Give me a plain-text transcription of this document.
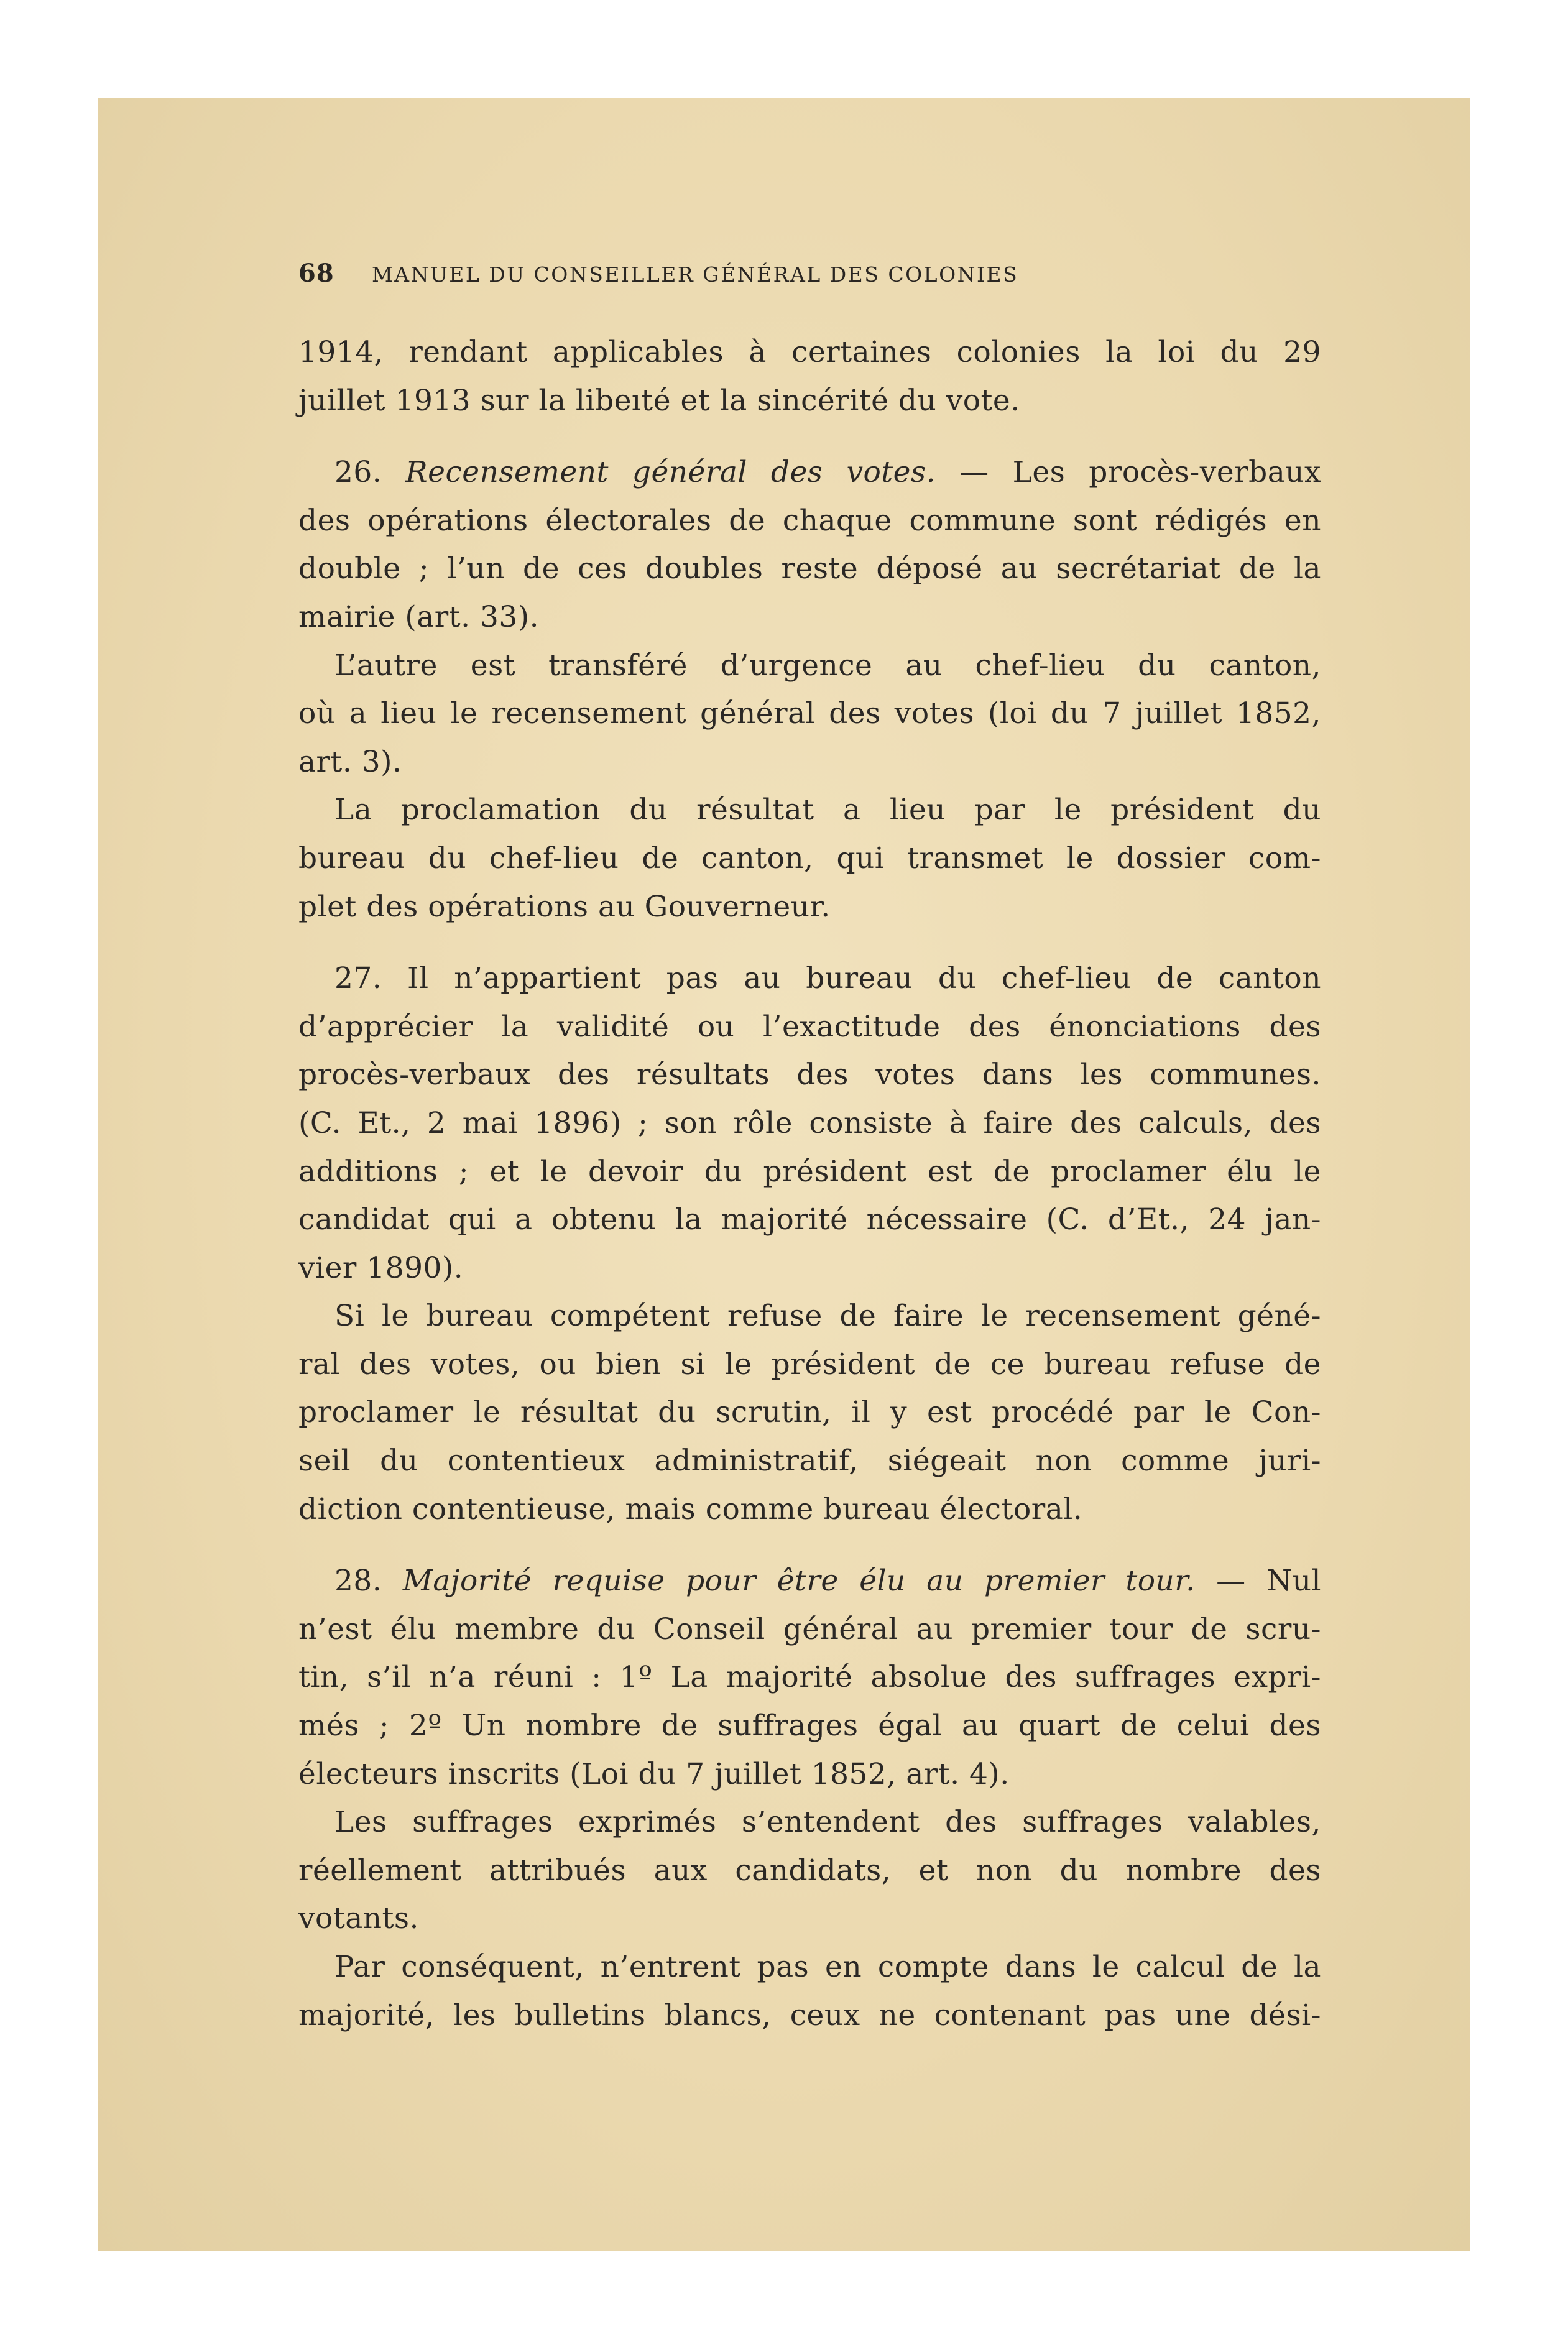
68 MANUEL DU CONSEILLER GÉNÉRAL DES COLONIES
1914, rendant applicables à certaines colonies la loi du 29
juillet 1913 sur la libeıté et la sincérité du vote.
26. Recensement général des votes. — Les procès-verbaux
des opérations électorales de chaque commune sont rédigés en
double ; l’un de ces doubles reste déposé au secrétariat de la
mairie (art. 33).
L’autre est transféré d’urgence au chef-lieu du canton,
où a lieu le recensement général des votes (loi du 7 juillet 1852,
art. 3).
La proclamation du résultat a lieu par le président du
bureau du chef-lieu de canton, qui transmet le dossier com-
plet des opérations au Gouverneur.
27. Il n’appartient pas au bureau du chef-lieu de canton
d’apprécier la validité ou l’exactitude des énonciations des
procès-verbaux des résultats des votes dans les communes.
(C. Et., 2 mai 1896) ; son rôle consiste à faire des calculs, des
additions ; et le devoir du président est de proclamer élu le
candidat qui a obtenu la majorité nécessaire (C. d’Et., 24 jan-
vier 1890).
Si le bureau compétent refuse de faire le recensement géné-
ral des votes, ou bien si le président de ce bureau refuse de
proclamer le résultat du scrutin, il y est procédé par le Con-
seil du contentieux administratif, siégeait non comme juri-
diction contentieuse, mais comme bureau électoral.
28. Majorité requise pour être élu au premier tour. — Nul
n’est élu membre du Conseil général au premier tour de scru-
tin, s’il n’a réuni : 1º La majorité absolue des suffrages expri-
més ; 2º Un nombre de suffrages égal au quart de celui des
électeurs inscrits (Loi du 7 juillet 1852, art. 4).
Les suffrages exprimés s’entendent des suffrages valables,
réellement attribués aux candidats, et non du nombre des
votants.
Par conséquent, n’entrent pas en compte dans le calcul de la
majorité, les bulletins blancs, ceux ne contenant pas une dési-
